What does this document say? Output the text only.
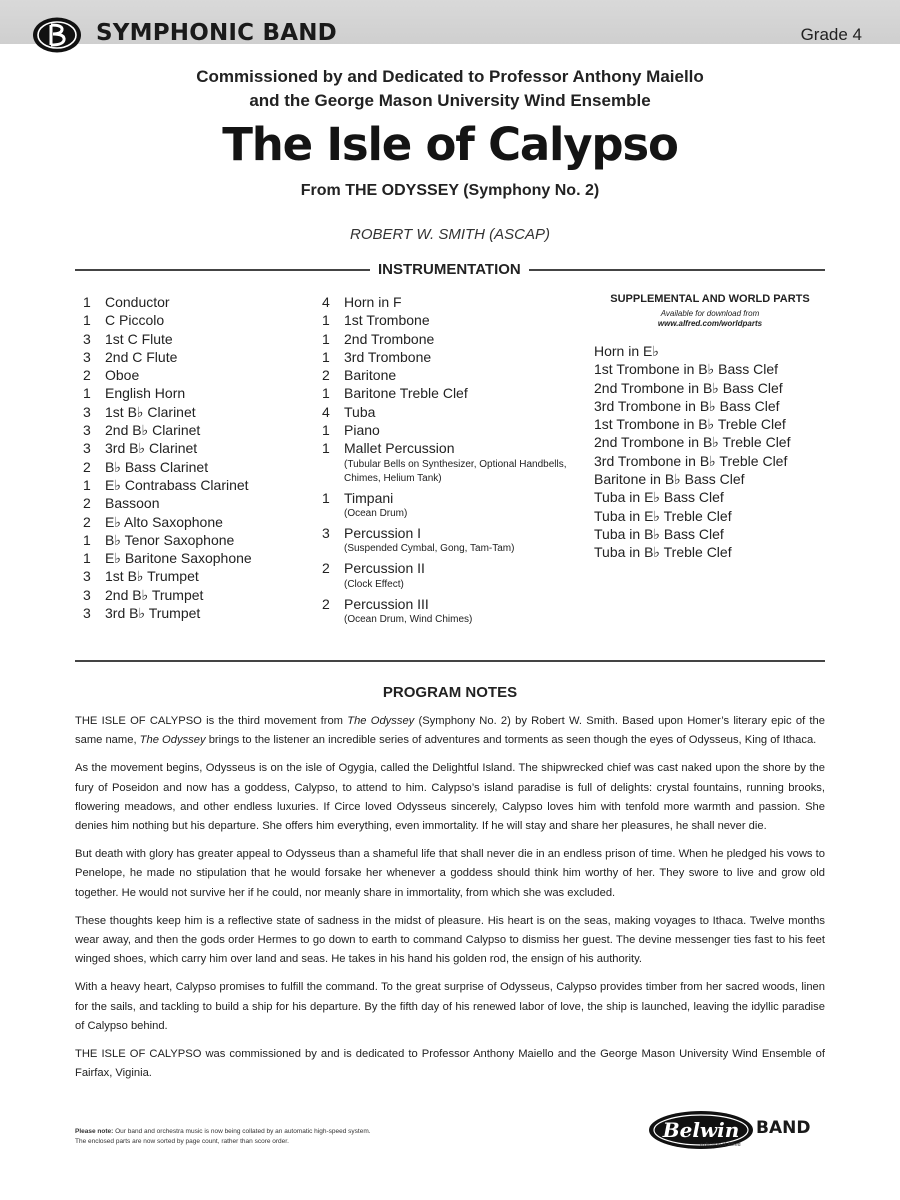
SYMPHONIC BAND	Grade 4
Commissioned by and Dedicated to Professor Anthony Maiello
and the George Mason University Wind Ensemble
The Isle of Calypso
From THE ODYSSEY (Symphony No. 2)
ROBERT W. SMITH (ASCAP)
INSTRUMENTATION
1	Conductor
1	C Piccolo
3	1st C Flute
3	2nd C Flute
2	Oboe
1	English Horn
3	1st B♭ Clarinet
3	2nd B♭ Clarinet
3	3rd B♭ Clarinet
2	B♭ Bass Clarinet
1	E♭ Contrabass Clarinet
2	Bassoon
2	E♭ Alto Saxophone
1	B♭ Tenor Saxophone
1	E♭ Baritone Saxophone
3	1st B♭ Trumpet
3	2nd B♭ Trumpet
3	3rd B♭ Trumpet
4	Horn in F
1	1st Trombone
1	2nd Trombone
1	3rd Trombone
2	Baritone
1	Baritone Treble Clef
4	Tuba
1	Piano
1	Mallet Percussion
(Tubular Bells on Synthesizer, Optional Handbells, Chimes, Helium Tank)
1	Timpani
(Ocean Drum)
3	Percussion I
(Suspended Cymbal, Gong, Tam-Tam)
2	Percussion II
(Clock Effect)
2	Percussion III
(Ocean Drum, Wind Chimes)
SUPPLEMENTAL AND WORLD PARTS
Available for download from
www.alfred.com/worldparts
Horn in E♭
1st Trombone in B♭ Bass Clef
2nd Trombone in B♭ Bass Clef
3rd Trombone in B♭ Bass Clef
1st Trombone in B♭ Treble Clef
2nd Trombone in B♭ Treble Clef
3rd Trombone in B♭ Treble Clef
Baritone in B♭ Bass Clef
Tuba in E♭ Bass Clef
Tuba in E♭ Treble Clef
Tuba in B♭ Bass Clef
Tuba in B♭ Treble Clef
PROGRAM NOTES

THE ISLE OF CALYPSO is the third movement from The Odyssey (Symphony No. 2) by Robert W. Smith. Based upon Homer’s literary epic of the same name, The Odyssey brings to the listener an incredible series of adventures and torments as seen though the eyes of Odysseus, King of Ithaca.

As the movement begins, Odysseus is on the isle of Ogygia, called the Delightful Island. The shipwrecked chief was cast naked upon the shore by the fury of Poseidon and now has a goddess, Calypso, to attend to him. Calypso’s island paradise is full of delights: crystal fountains, running brooks, flowering meadows, and other endless luxuries. If Circe loved Odysseus sincerely, Calypso loves him with tenfold more warmth and passion. She denies him nothing but his departure. She offers him everything, even immortality. If he will stay and share her pleasures, he shall never die.

But death with glory has greater appeal to Odysseus than a shameful life that shall never die in an endless prison of time. When he pledged his vows to Penelope, he made no stipulation that he would forsake her whenever a goddess should think him worthy of her. They swore to live and grow old together. He would not survive her if he could, nor meanly share in immortality, from which she was excluded.

These thoughts keep him is a reflective state of sadness in the midst of pleasure. His heart is on the seas, making voyages to Ithaca. Twelve months wear away, and then the gods order Hermes to go down to earth to command Calypso to dismiss her guest. The devine messenger ties fast to his feet winged shoes, which carry him over land and seas. He takes in his hand his golden rod, the ensign of his authority.

With a heavy heart, Calypso promises to fulfill the command. To the great surprise of Odysseus, Calypso provides timber from her sacred woods, linen for the sails, and tackling to build a ship for his departure. By the fifth day of his renewed labor of love, the ship is launched, leaving the idyllic paradise of Calypso behind.

THE ISLE OF CALYPSO was commissioned by and is dedicated to Professor Anthony Maiello and the George Mason University Wind Ensemble of Fairfax, Viginia.

Please note: Our band and orchestra music is now being collated by an automatic high-speed system.
The enclosed parts are now sorted by page count, rather than score order.	Belwin BAND
a division of Alfred
